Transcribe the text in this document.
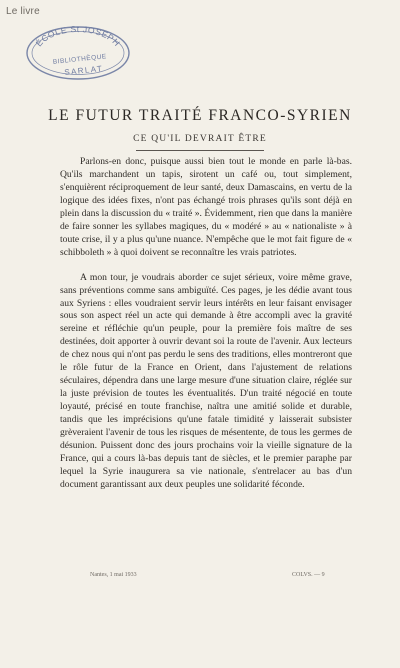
Le livre
ÉCOLE St JOSEPH
BIBLIOTHÈQUE
SARLAT
LE FUTUR TRAITÉ FRANCO-SYRIEN
CE QU'IL DEVRAIT ÊTRE

Parlons-en donc, puisque aussi bien tout le monde en parle là-bas. Qu'ils marchandent un tapis, sirotent un café ou, tout simplement, s'enquièrent réciproquement de leur santé, deux Damascains, en vertu de la logique des idées fixes, n'ont pas échangé trois phrases qu'ils sont déjà en plein dans la discussion du « traité ». Évidemment, rien que dans la manière de faire sonner les syllabes magiques, du « modéré » au « nationaliste » à toute crise, il y a plus qu'une nuance. N'empêche que le mot fait figure de « schibboleth » à quoi doivent se reconnaître les vrais patriotes.

A mon tour, je voudrais aborder ce sujet sérieux, voire même grave, sans préventions comme sans ambiguïté. Ces pages, je les dédie avant tous aux Syriens : elles voudraient servir leurs intérêts en leur faisant envisager sous son aspect réel un acte qui demande à être accompli avec la gravité sereine et réfléchie qu'un peuple, pour la première fois maître de ses destinées, doit apporter à ouvrir devant soi la route de l'avenir. Aux lecteurs de chez nous qui n'ont pas perdu le sens des traditions, elles montreront que le rôle futur de la France en Orient, dans l'ajustement de relations séculaires, dépendra dans une large mesure d'une situation claire, réglée sur la juste prévision de toutes les éventualités. D'un traité négocié en toute loyauté, précisé en toute franchise, naîtra une amitié solide et durable, tandis que les imprécisions qu'une fatale timidité y laisserait subsister grèveraient l'avenir de tous les risques de mésentente, de tous les germes de désunion. Puissent donc des jours prochains voir la vieille signature de la France, qui a cours là-bas depuis tant de siècles, et le premier paraphe par lequel la Syrie inaugurera sa vie nationale, s'entrelacer au bas d'un document garantissant aux deux peuples une solidarité féconde.

Nantes, 1 mai 1933	COLVS. — 9
